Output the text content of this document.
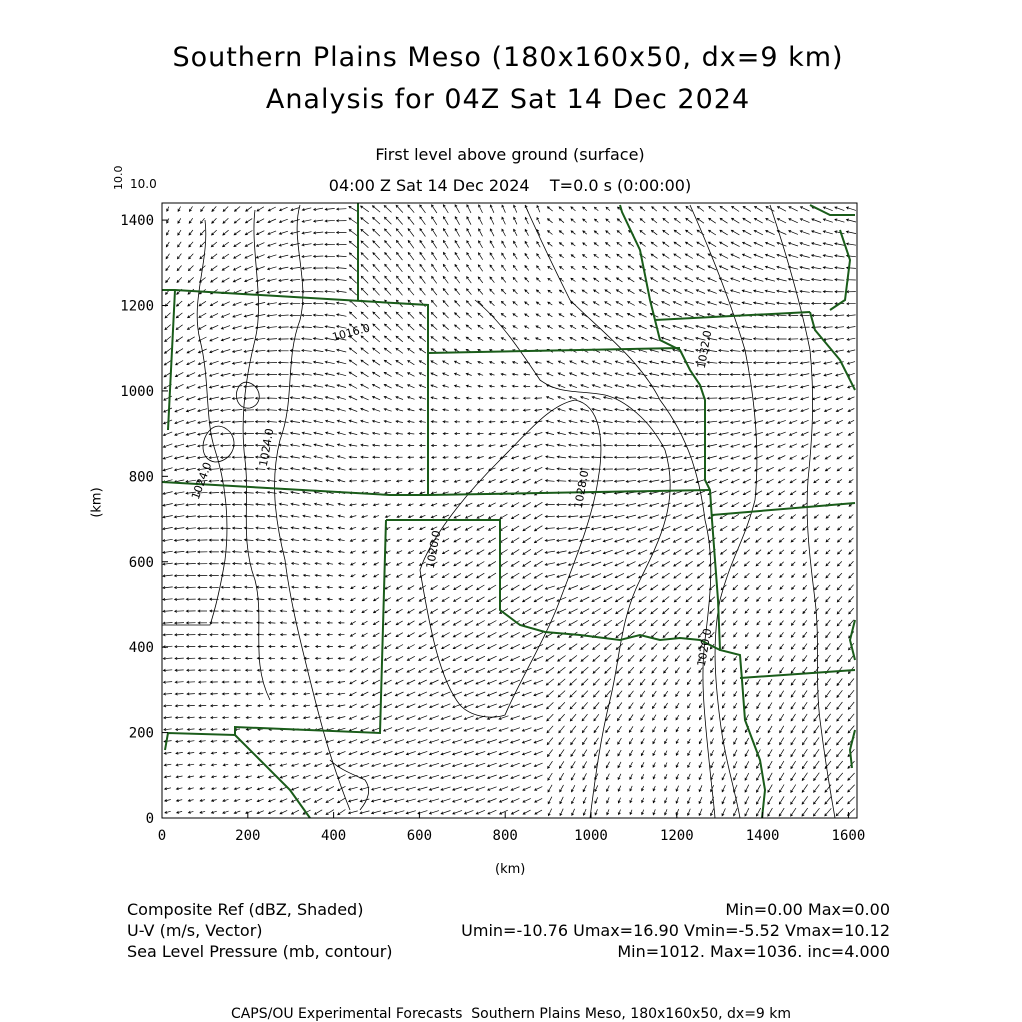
Southern Plains Meso (180x160x50, dx=9 km)
Analysis for 04Z Sat 14 Dec 2024
First level above ground (surface)
04:00 Z Sat 14 Dec 2024    T=0.0 s (0:00:00)
10.0 10.0
(km)
(km)
1016.0
1024.0
1020.0
1028.0
1032.0
1020.0
1024.0
0	200	400	600	800	1000	1200	1400	1600
0
200
400
600
800
1000
1200
1400
Composite Ref (dBZ, Shaded)	Min=0.00 Max=0.00
U-V (m/s, Vector)	Umin=-10.76 Umax=16.90 Vmin=-5.52 Vmax=10.12
Sea Level Pressure (mb, contour)	Min=1012. Max=1036. inc=4.000
CAPS/OU Experimental Forecasts  Southern Plains Meso, 180x160x50, dx=9 km
